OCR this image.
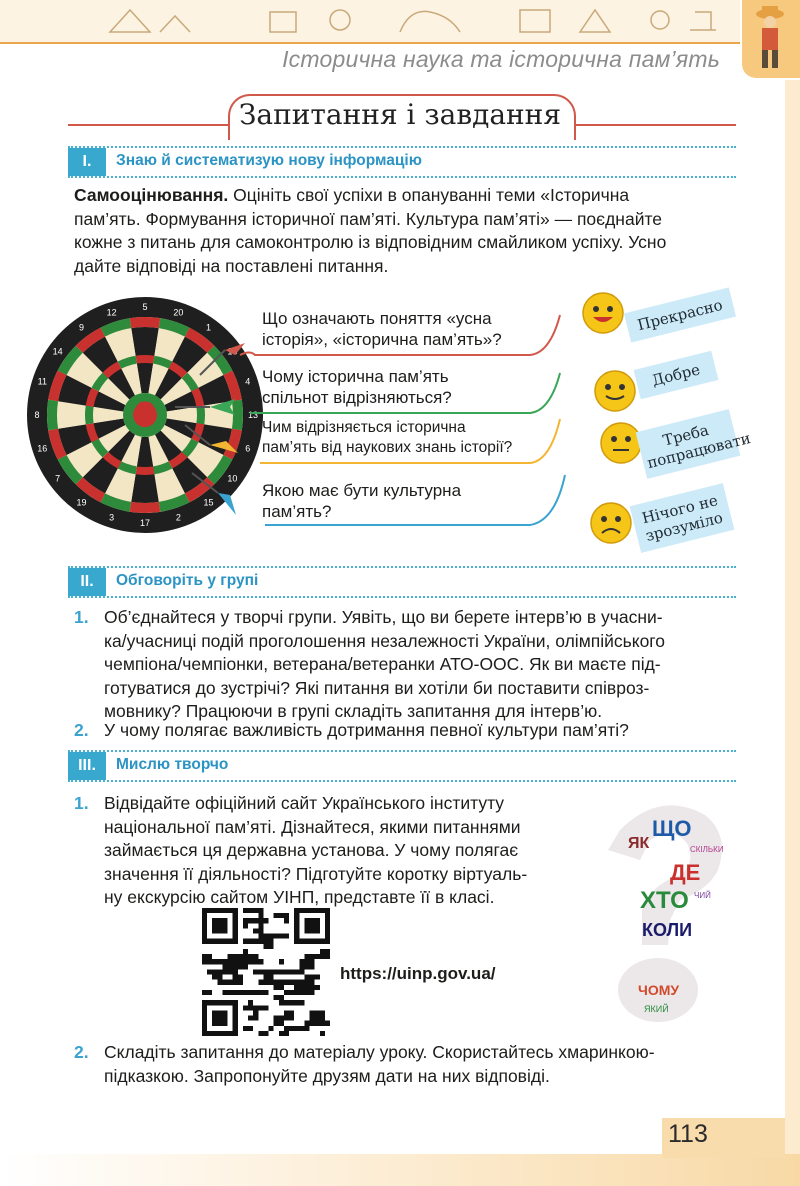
Історична наука та історична пам’ять
Запитання і завдання
I.	Знаю й систематизую нову інформацію
Самооцінювання. Оцініть свої успіхи в опануванні теми «Історична
пам’ять. Формування історичної пам’яті. Культура пам’яті» — поєднайте
кожне з питань для самоконтролю із відповідним смайликом успіху. Усно
дайте відповіді на поставлені питання.
?
5
20
1
4
13
6
10
15
2
17
3
19
7
16
8
11
14
9
12	Що означають поняття «усна
історія», «історична пам’ять»?
Чому історична пам’ять
спільнот відрізняються?
Чим відрізняється історична
пам’ять від наукових знань історії?
Якою має бути культурна
пам’ять?
Прекрасно
Добре
Треба попрацювати
Нічого не зрозуміло
II.	Обговоріть у групі
1. Об’єднайтеся у творчі групи. Уявіть, що ви берете інтерв’ю в учасни-
ка/учасниці подій проголошення незалежності України, олімпійського
чемпіона/чемпіонки, ветерана/ветеранки АТО-ООС. Як ви маєте під-
готуватися до зустрічі? Які питання ви хотіли би поставити співроз-
мовнику? Працюючи в групі складіть запитання для інтерв’ю.
2. У чому полягає важливість дотримання певної культури пам’яті?
III.	Мислю творчо
1. Відвідайте офіційний сайт Українського інституту
національної пам’яті. Дізнайтеся, якими питаннями
займається ця державна установа. У чому полягає
значення її діяльності? Підготуйте коротку віртуаль-
ну екскурсію сайтом УІНП, представте її в класі.
https://uinp.gov.ua/
ЯК
ЩО
СКІЛЬКИ
ДЕ
ХТО
КОЛИ
ЧИЙ
ЧОМУ
ЯКИЙ
2. Складіть запитання до матеріалу уроку. Скористайтесь хмаринкою-
підказкою. Запропонуйте друзям дати на них відповіді.
113
